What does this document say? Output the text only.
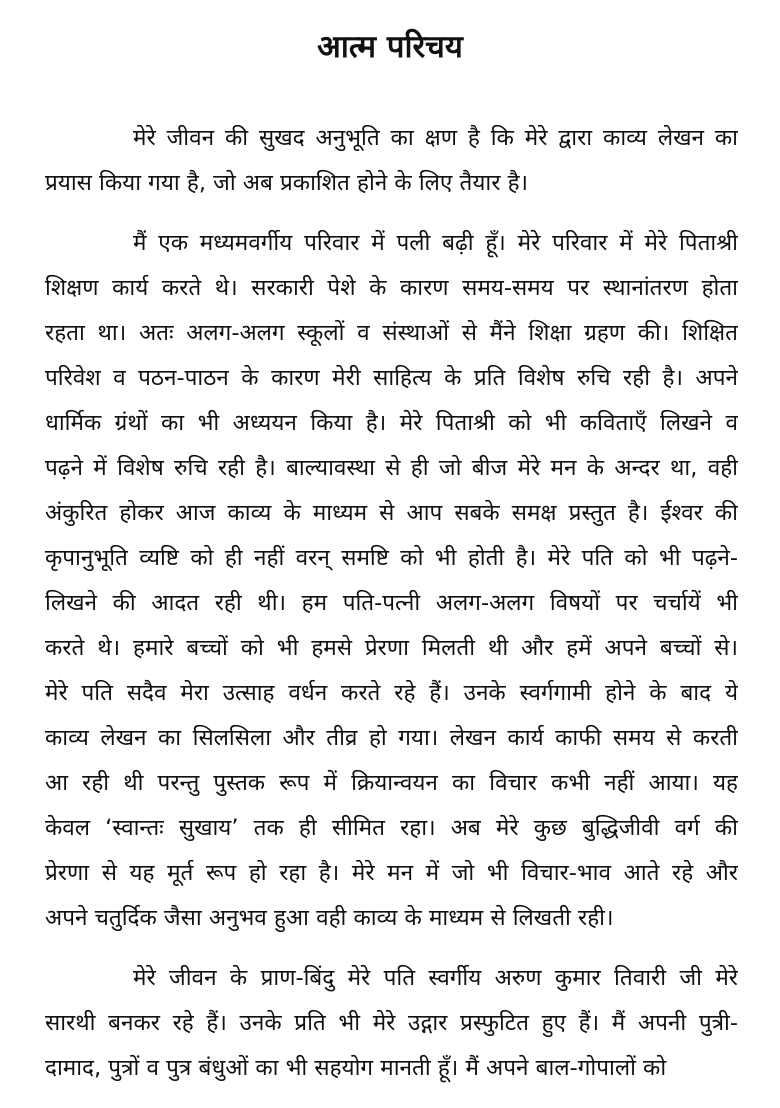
आत्म परिचय
मेरे जीवन की सुखद अनुभूति का क्षण है कि मेरे द्वारा काव्य लेखन का
प्रयास किया गया है, जो अब प्रकाशित होने के लिए तैयार है।
मैं एक मध्यमवर्गीय परिवार में पली बढ़ी हूँ। मेरे परिवार में मेरे पिताश्री
शिक्षण कार्य करते थे। सरकारी पेशे के कारण समय-समय पर स्थानांतरण होता
रहता था। अतः अलग-अलग स्कूलों व संस्थाओं से मैंने शिक्षा ग्रहण की। शिक्षित
परिवेश व पठन-पाठन के कारण मेरी साहित्य के प्रति विशेष रुचि रही है। अपने
धार्मिक ग्रंथों का भी अध्ययन किया है। मेरे पिताश्री को भी कविताएँ लिखने व
पढ़ने में विशेष रुचि रही है। बाल्यावस्था से ही जो बीज मेरे मन के अन्दर था, वही
अंकुरित होकर आज काव्य के माध्यम से आप सबके समक्ष प्रस्तुत है। ईश्वर की
कृपानुभूति व्यष्टि को ही नहीं वरन् समष्टि को भी होती है। मेरे पति को भी पढ़ने-
लिखने की आदत रही थी। हम पति-पत्नी अलग-अलग विषयों पर चर्चायें भी
करते थे। हमारे बच्चों को भी हमसे प्रेरणा मिलती थी और हमें अपने बच्चों से।
मेरे पति सदैव मेरा उत्साह वर्धन करते रहे हैं। उनके स्वर्गगामी होने के बाद ये
काव्य लेखन का सिलसिला और तीव्र हो गया। लेखन कार्य काफी समय से करती
आ रही थी परन्तु पुस्तक रूप में क्रियान्वयन का विचार कभी नहीं आया। यह
केवल ‘स्वान्तः सुखाय’ तक ही सीमित रहा। अब मेरे कुछ बुद्धिजीवी वर्ग की
प्रेरणा से यह मूर्त रूप हो रहा है। मेरे मन में जो भी विचार-भाव आते रहे और
अपने चतुर्दिक जैसा अनुभव हुआ वही काव्य के माध्यम से लिखती रही।
मेरे जीवन के प्राण-बिंदु मेरे पति स्वर्गीय अरुण कुमार तिवारी जी मेरे
सारथी बनकर रहे हैं। उनके प्रति भी मेरे उद्गार प्रस्फुटित हुए हैं। मैं अपनी पुत्री-
दामाद, पुत्रों व पुत्र बंधुओं का भी सहयोग मानती हूँ। मैं अपने बाल-गोपालों को
